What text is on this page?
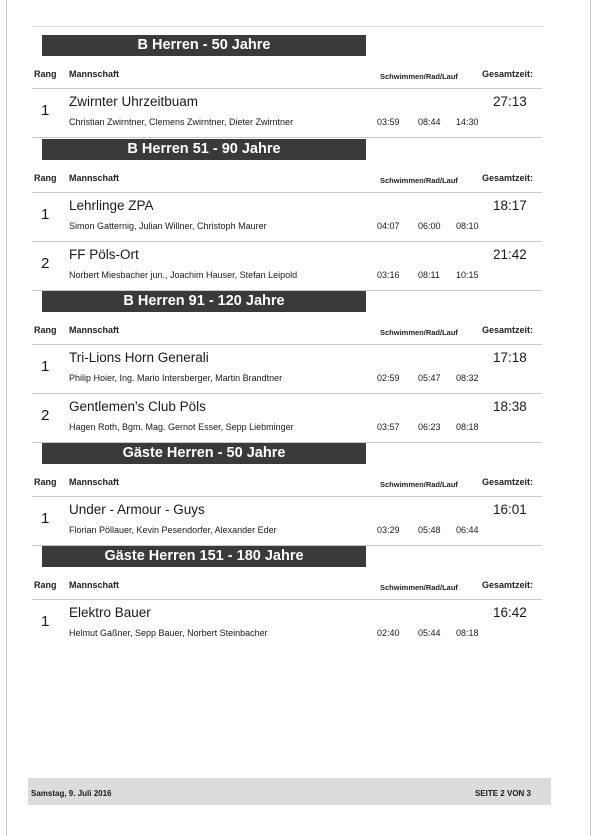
B Herren - 50 Jahre
Rang Mannschaft	Schwimmen/Rad/Lauf	Gesamtzeit:
1
Zwirnter Uhrzeitbuam	27:13
Christian Zwirntner, Clemens Zwirntner, Dieter Zwirntner	03:59 08:44 14:30
B Herren 51 - 90 Jahre
Rang Mannschaft	Schwimmen/Rad/Lauf	Gesamtzeit:
1
Lehrlinge ZPA	18:17
Simon Gatternig, Julian Willner, Christoph Maurer	04:07 06:00 08:10
2
FF Pöls-Ort	21:42
Norbert Miesbacher jun., Joachim Hauser, Stefan Leipold	03:16 08:11 10:15
B Herren 91 - 120 Jahre
Rang Mannschaft	Schwimmen/Rad/Lauf	Gesamtzeit:
1
Tri-Lions Horn Generali	17:18
Philip Hoier, Ing. Mario Intersberger, Martin Brandtner	02:59 05:47 08:32
2
Gentlemen's Club Pöls	18:38
Hagen Roth, Bgm. Mag. Gernot Esser, Sepp Liebminger	03:57 06:23 08:18
Gäste Herren - 50 Jahre
Rang Mannschaft	Schwimmen/Rad/Lauf	Gesamtzeit:
1
Under - Armour - Guys	16:01
Florian Pöllauer, Kevin Pesendorfer, Alexander Eder	03:29 05:48 06:44
Gäste Herren 151 - 180 Jahre
Rang Mannschaft	Schwimmen/Rad/Lauf	Gesamtzeit:
1
Elektro Bauer	16:42
Helmut Gaßner, Sepp Bauer, Norbert Steinbacher	02:40 05:44 08:18
Samstag, 9. Juli 2016	SEITE 2 VON 3
